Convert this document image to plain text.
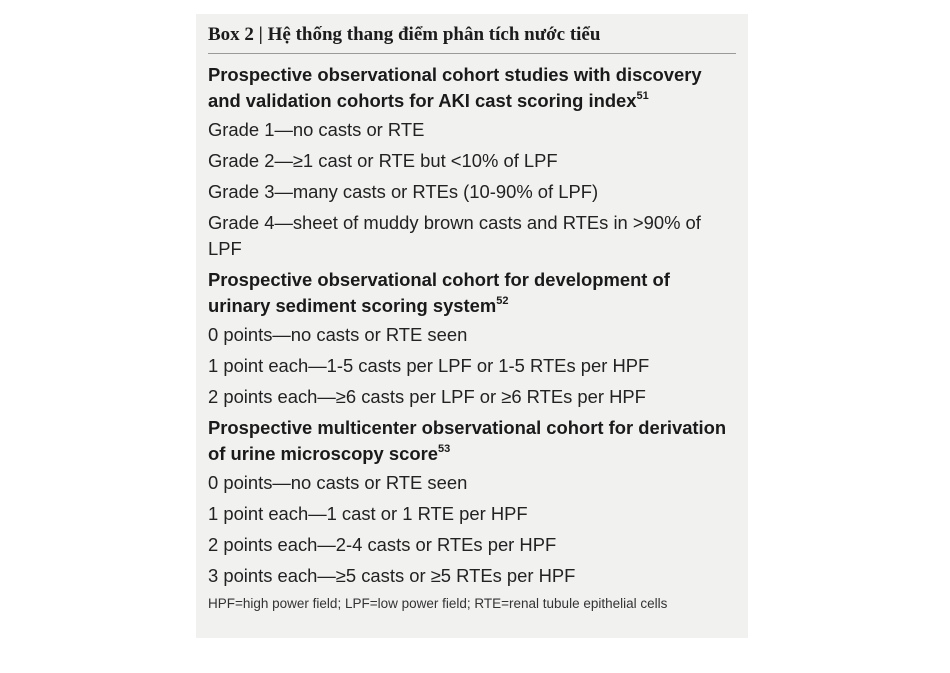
Box 2 | Hệ thống thang điểm phân tích nước tiểu
Prospective observational cohort studies with discovery and validation cohorts for AKI cast scoring index$^{51}$
Grade 1—no casts or RTE
Grade 2—≥1 cast or RTE but <10% of LPF
Grade 3—many casts or RTEs (10-90% of LPF)
Grade 4—sheet of muddy brown casts and RTEs in >90% of LPF
Prospective observational cohort for development of urinary sediment scoring system$^{52}$
0 points—no casts or RTE seen
1 point each—1-5 casts per LPF or 1-5 RTEs per HPF
2 points each—≥6 casts per LPF or ≥6 RTEs per HPF
Prospective multicenter observational cohort for derivation of urine microscopy score$^{53}$
0 points—no casts or RTE seen
1 point each—1 cast or 1 RTE per HPF
2 points each—2-4 casts or RTEs per HPF
3 points each—≥5 casts or ≥5 RTEs per HPF
HPF=high power field; LPF=low power field; RTE=renal tubule epithelial cells
